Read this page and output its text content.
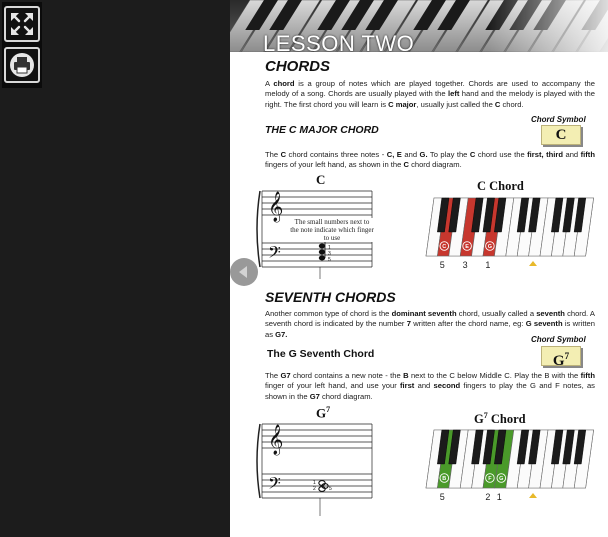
LESSON TWO
CHORDS
A chord is a group of notes which are played together. Chords are used to accompany the melody of a song. Chords are usually played with the left hand and the melody is played with the right. The first chord you will learn is C major, usually just called the C chord.
Chord Symbol
C
THE C MAJOR CHORD
The C chord contains three notes - C, E and G. To play the C chord use the first, third and fifth fingers of your left hand, as shown in the C chord diagram.
𝄞
𝄢	1
3
5
C
The small numbers next to the note indicate which finger to use
C Chord
C
5
E
3
G
1
SEVENTH CHORDS
Another common type of chord is the dominant seventh chord, usually called a seventh chord. A seventh chord is indicated by the number 7 written after the chord name, eg: G seventh is written as G7.
Chord Symbol
$G^7$
The G Seventh Chord
The G7 chord contains a new note - the B next to the C below Middle C. Play the B with the fifth finger of your left hand, and use your first and second fingers to play the G and F notes, as shown in the G7 chord diagram.
𝄞
𝄢	1
2	5
$G^7$
$G^7$ Chord
B
5
F
2
G
1
